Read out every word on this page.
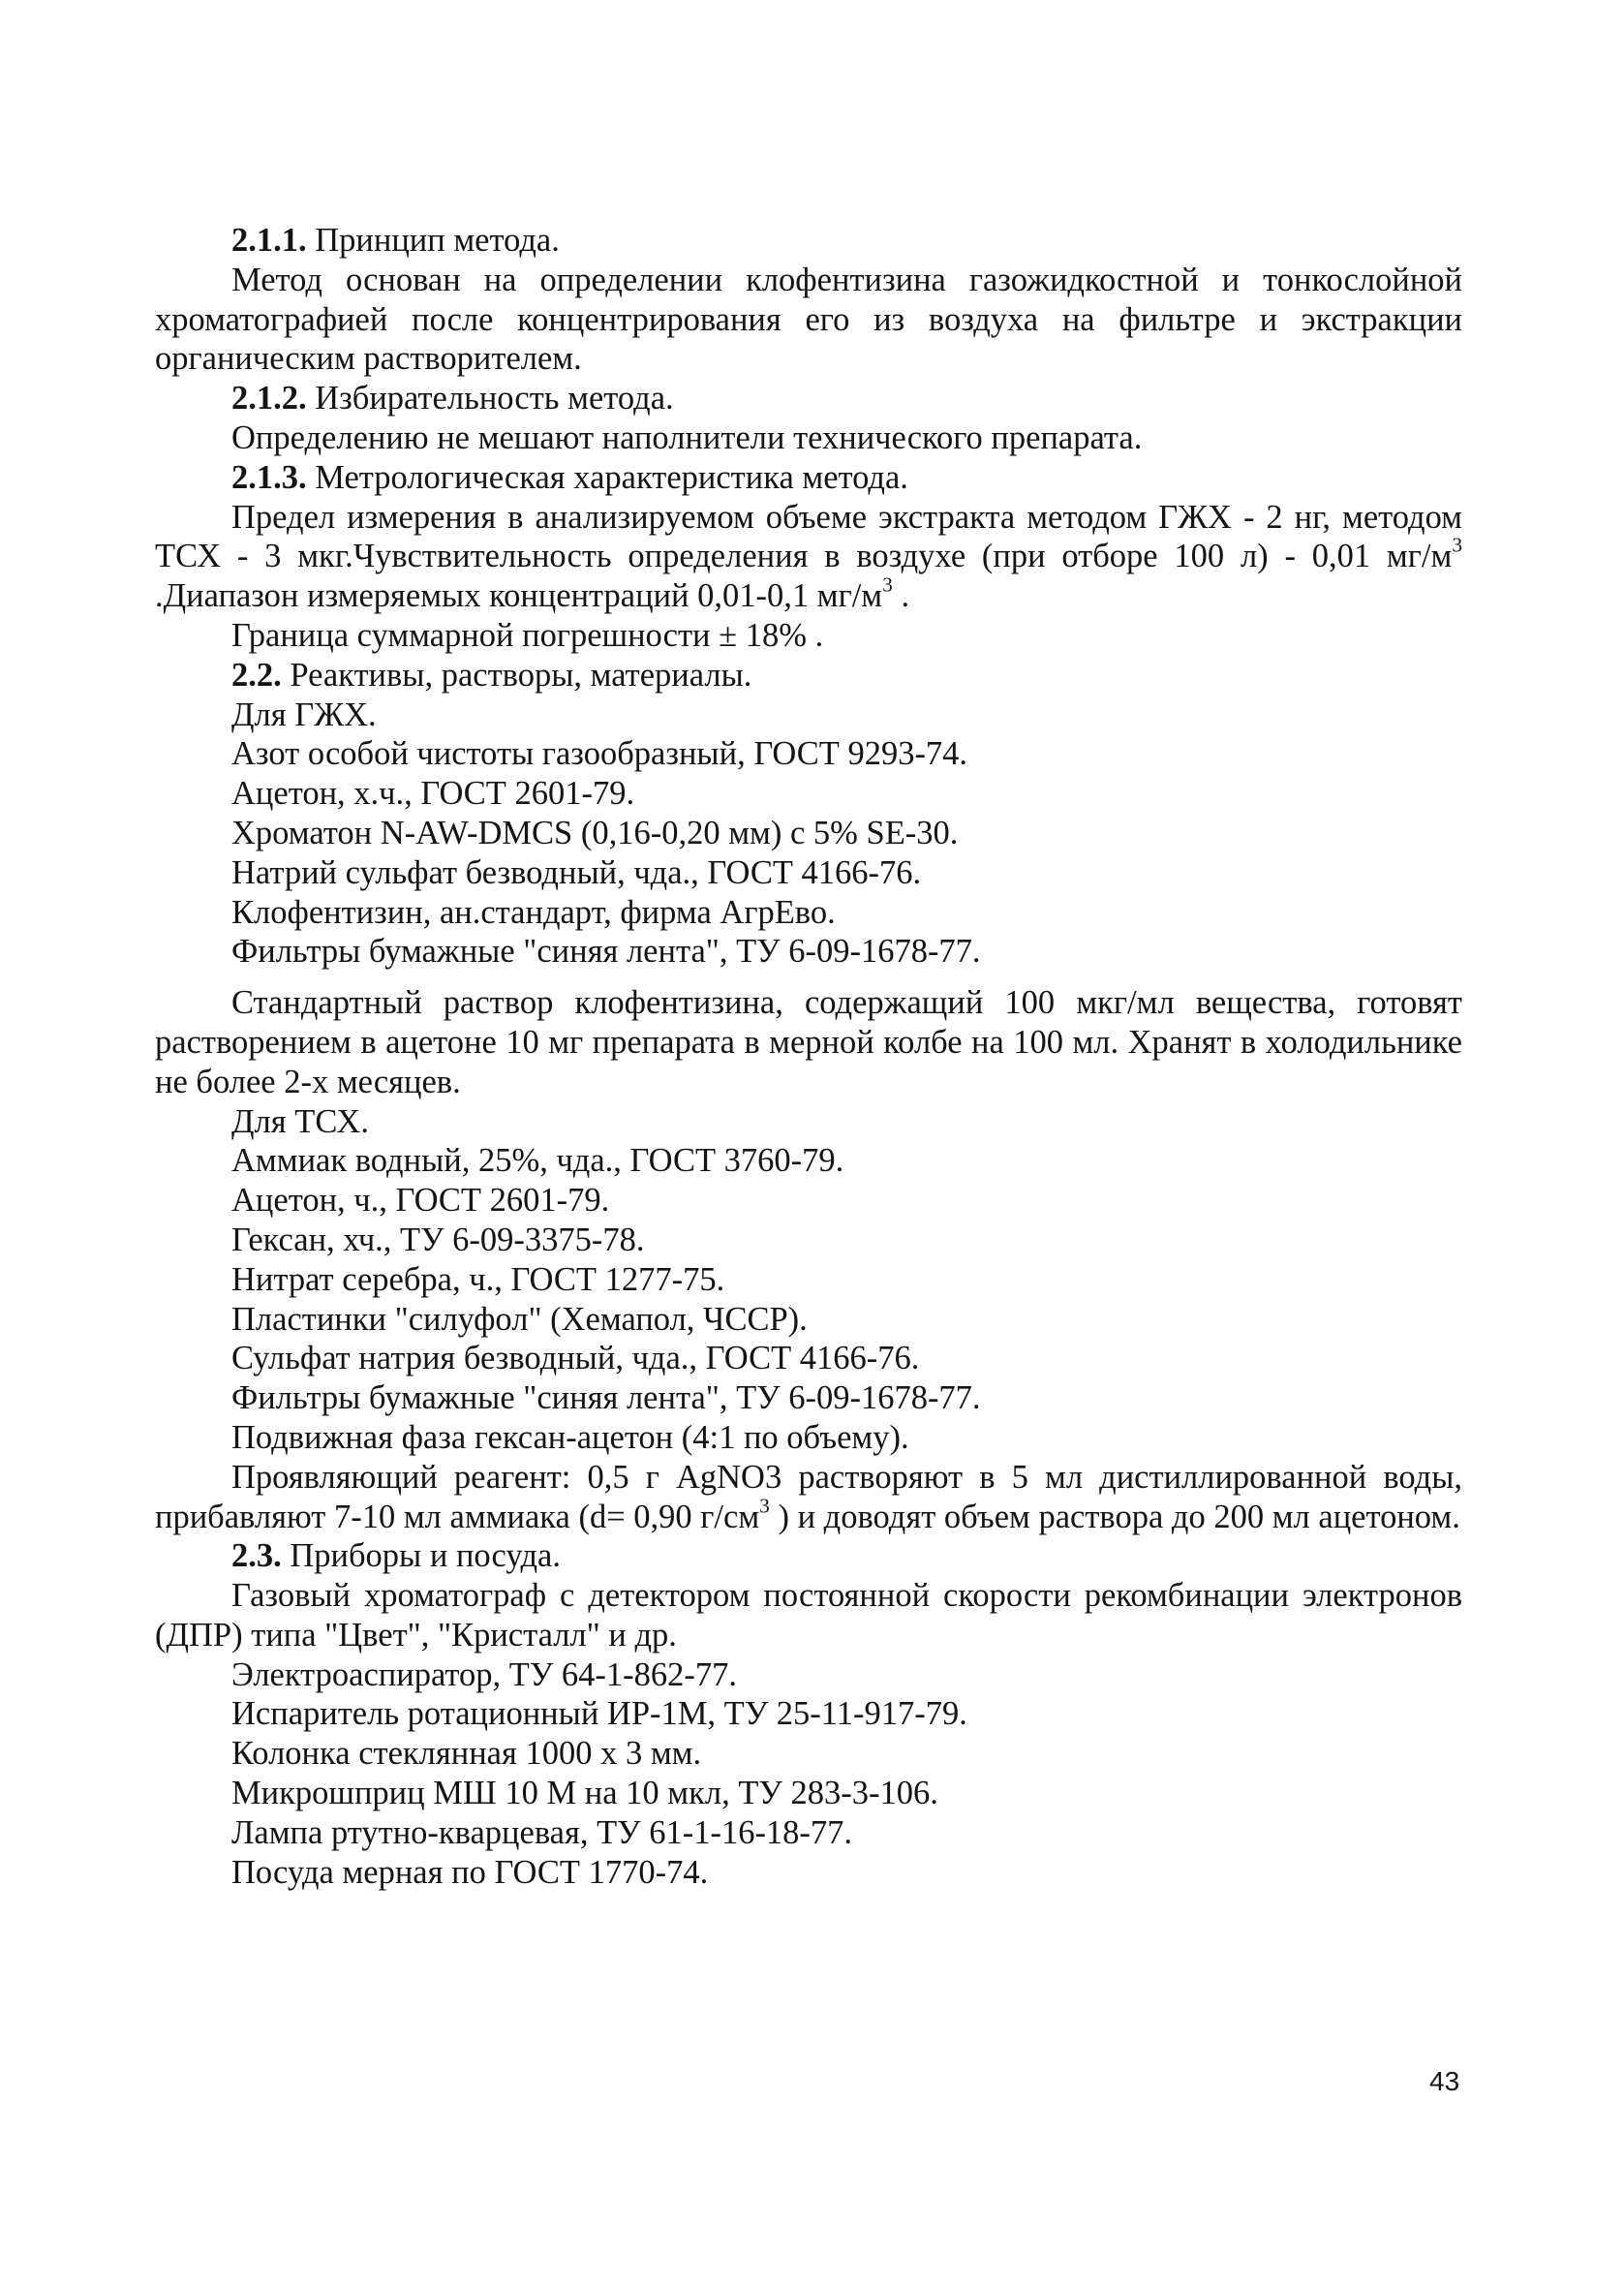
2.1.1. Принцип метода.

Метод основан на определении клофентизина газожидкостной и тонкослойной хроматографией после концентрирования его из воздуха на фильтре и экстракции органическим растворителем.

2.1.2. Избирательность метода.

Определению не мешают наполнители технического препарата.

2.1.3. Метрологическая характеристика метода.

Предел измерения в анализируемом объеме экстракта методом ГЖХ - 2 нг, методом ТСХ - 3 мкг.Чувствительность определения в воздухе (при отборе 100 л) - 0,01 $мг/м^3$ .Диапазон измеряемых концентраций 0,01-0,1 $мг/м^3$ .

Граница суммарной погрешности ± 18% .

2.2. Реактивы, растворы, материалы.

Для ГЖХ.

Азот особой чистоты газообразный, ГОСТ 9293-74.

Ацетон, х.ч., ГОСТ 2601-79.

Хроматон N-AW-DMCS (0,16-0,20 мм) с 5% SE-30.

Натрий сульфат безводный, чда., ГОСТ 4166-76.

Клофентизин, ан.стандарт, фирма АгрЕво.

Фильтры бумажные "синяя лента", ТУ 6-09-1678-77.

Стандартный раствор клофентизина, содержащий 100 мкг/мл вещества, готовят растворением в ацетоне 10 мг препарата в мерной колбе на 100 мл. Хранят в холодильнике не более 2-х месяцев.

Для ТСХ.

Аммиак водный, 25%, чда., ГОСТ 3760-79.

Ацетон, ч., ГОСТ 2601-79.

Гексан, хч., ТУ 6-09-3375-78.

Нитрат серебра, ч., ГОСТ 1277-75.

Пластинки "силуфол" (Хемапол, ЧССР).

Сульфат натрия безводный, чда., ГОСТ 4166-76.

Фильтры бумажные "синяя лента", ТУ 6-09-1678-77.

Подвижная фаза гексан-ацетон (4:1 по объему).

Проявляющий реагент: 0,5 г AgNO3 растворяют в 5 мл дистиллированной воды, прибавляют 7-10 мл аммиака (d= 0,90 $г/см^3$ ) и доводят объем раствора до 200 мл ацетоном.

2.3. Приборы и посуда.

Газовый хроматограф с детектором постоянной скорости рекомбинации электронов (ДПР) типа "Цвет", "Кристалл" и др.

Электроаспиратор, ТУ 64-1-862-77.

Испаритель ротационный ИР-1М, ТУ 25-11-917-79.

Колонка стеклянная 1000 х 3 мм.

Микрошприц МШ 10 М на 10 мкл, ТУ 283-3-106.

Лампа ртутно-кварцевая, ТУ 61-1-16-18-77.

Посуда мерная по ГОСТ 1770-74.

43
